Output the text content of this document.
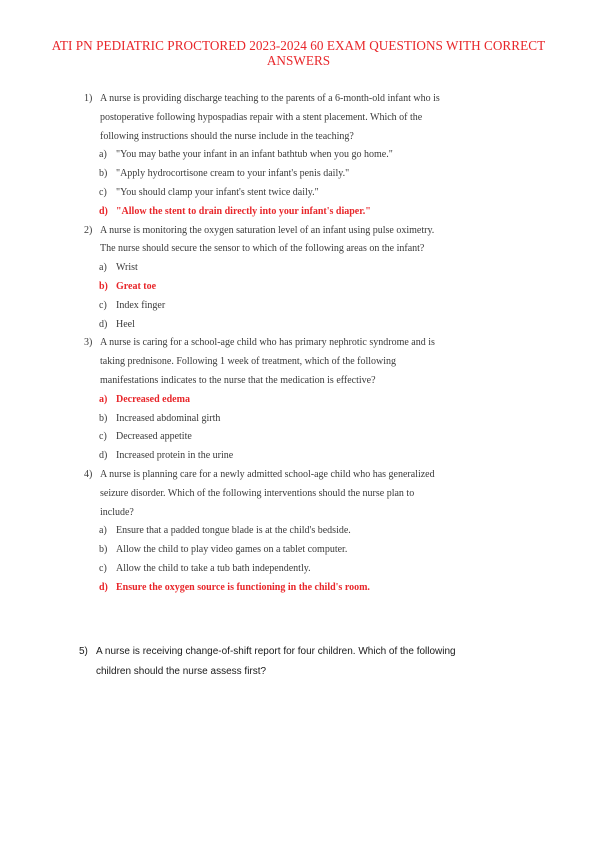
ATI PN PEDIATRIC PROCTORED 2023-2024 60 EXAM QUESTIONS WITH CORRECT
ANSWERS
1) A nurse is providing discharge teaching to the parents of a 6-month-old infant who is
postoperative following hypospadias repair with a stent placement. Which of the
following instructions should the nurse include in the teaching?
a) "You may bathe your infant in an infant bathtub when you go home."
b) "Apply hydrocortisone cream to your infant's penis daily."
c) "You should clamp your infant's stent twice daily."
d) "Allow the stent to drain directly into your infant's diaper."
2) A nurse is monitoring the oxygen saturation level of an infant using pulse oximetry.
The nurse should secure the sensor to which of the following areas on the infant?
a) Wrist
b) Great toe
c) Index finger
d) Heel
3) A nurse is caring for a school-age child who has primary nephrotic syndrome and is
taking prednisone. Following 1 week of treatment, which of the following
manifestations indicates to the nurse that the medication is effective?
a) Decreased edema
b) Increased abdominal girth
c) Decreased appetite
d) Increased protein in the urine
4) A nurse is planning care for a newly admitted school-age child who has generalized
seizure disorder. Which of the following interventions should the nurse plan to
include?
a) Ensure that a padded tongue blade is at the child's bedside.
b) Allow the child to play video games on a tablet computer.
c) Allow the child to take a tub bath independently.
d) Ensure the oxygen source is functioning in the child's room.
5) A nurse is receiving change-of-shift report for four children. Which of the following
children should the nurse assess first?
